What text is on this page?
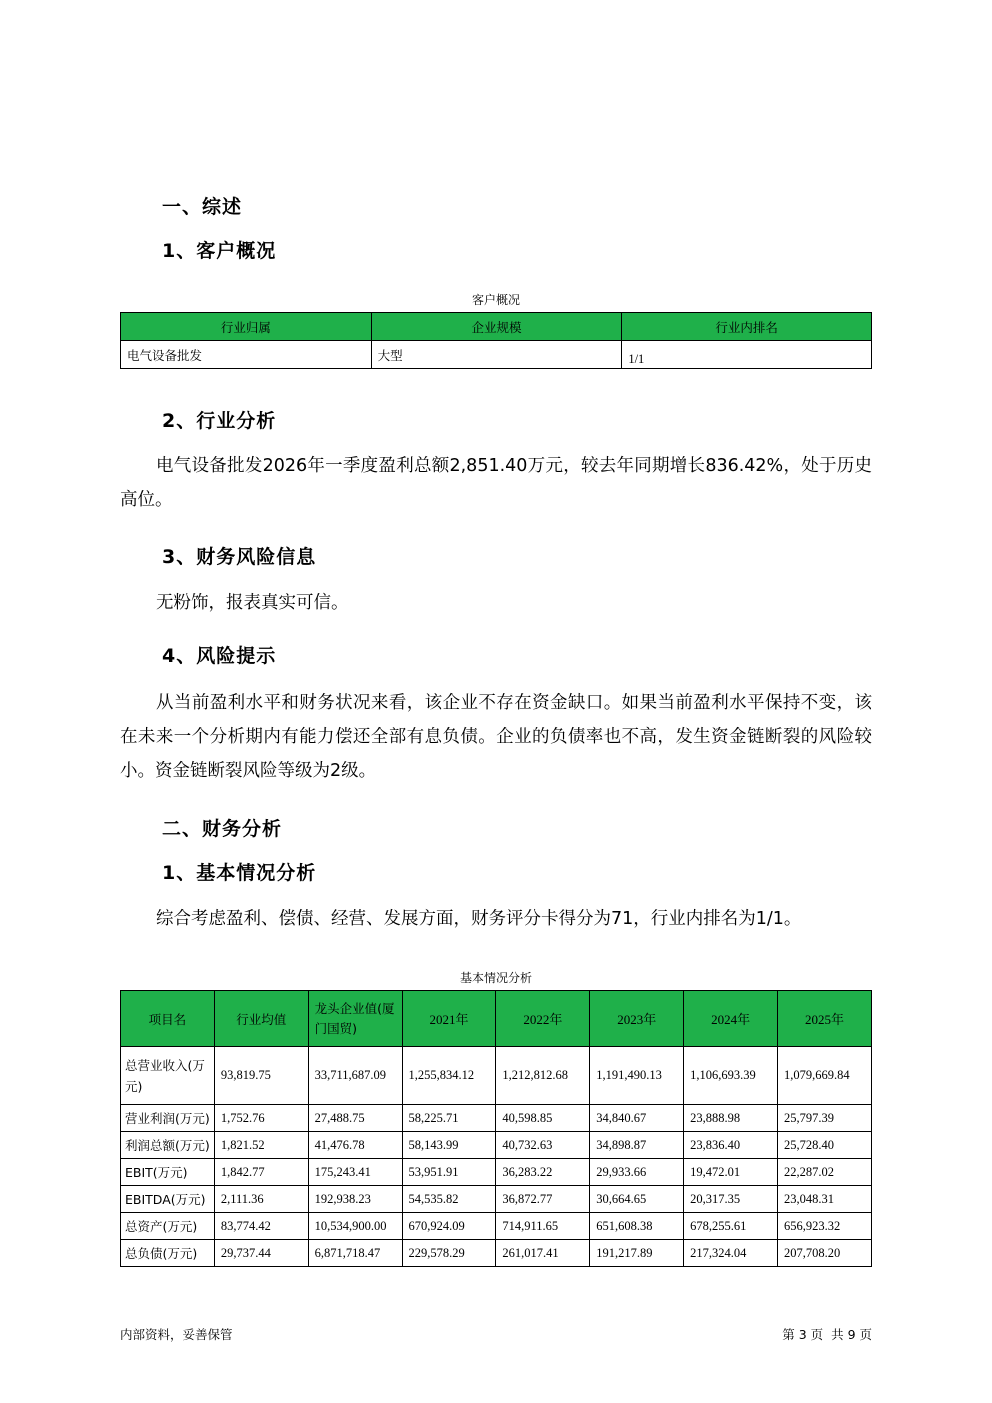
一、综述
1、客户概况
客户概况
行业归属	企业规模	行业内排名
电气设备批发	大型	1/1
2、行业分析
电气设备批发2026年一季度盈利总额2,851.40万元，较去年同期增长836.42%，处于历史高位。
3、财务风险信息
无粉饰，报表真实可信。
4、风险提示
从当前盈利水平和财务状况来看，该企业不存在资金缺口。如果当前盈利水平保持不变，该在未来一个分析期内有能力偿还全部有息负债。企业的负债率也不高，发生资金链断裂的风险较小。资金链断裂风险等级为2级。
二、财务分析
1、基本情况分析
综合考虑盈利、偿债、经营、发展方面，财务评分卡得分为71，行业内排名为1/1。
基本情况分析
项目名	行业均值	龙头企业值(厦门国贸)	2021年	2022年	2023年	2024年	2025年
总营业收入(万元)	93,819.75	33,711,687.09	1,255,834.12	1,212,812.68	1,191,490.13	1,106,693.39	1,079,669.84
营业利润(万元)	1,752.76	27,488.75	58,225.71	40,598.85	34,840.67	23,888.98	25,797.39
利润总额(万元)	1,821.52	41,476.78	58,143.99	40,732.63	34,898.87	23,836.40	25,728.40
EBIT(万元)	1,842.77	175,243.41	53,951.91	36,283.22	29,933.66	19,472.01	22,287.02
EBITDA(万元)	2,111.36	192,938.23	54,535.82	36,872.77	30,664.65	20,317.35	23,048.31
总资产(万元)	83,774.42	10,534,900.00	670,924.09	714,911.65	651,608.38	678,255.61	656,923.32
总负债(万元)	29,737.44	6,871,718.47	229,578.29	261,017.41	191,217.89	217,324.04	207,708.20
内部资料，妥善保管	第 3 页  共 9 页
